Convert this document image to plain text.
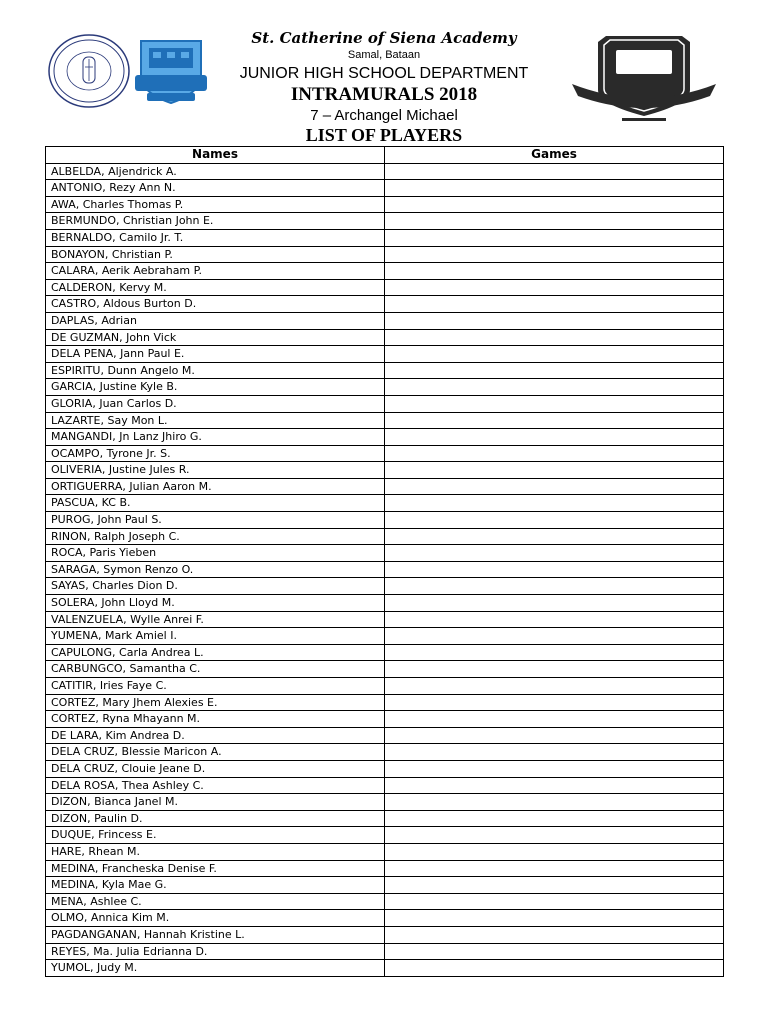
St. Catherine of Siena Academy
Samal, Bataan
JUNIOR HIGH SCHOOL DEPARTMENT
INTRAMURALS 2018
7 – Archangel Michael
LIST OF PLAYERS
Names	Games
ALBELDA, Aljendrick A.	
ANTONIO, Rezy Ann N.	
AWA, Charles Thomas P.	
BERMUNDO, Christian John E.	
BERNALDO, Camilo Jr. T.	
BONAYON, Christian P.	
CALARA, Aerik Aebraham P.	
CALDERON, Kervy M.	
CASTRO, Aldous Burton D.	
DAPLAS, Adrian	
DE GUZMAN, John Vick	
DELA PENA, Jann Paul E.	
ESPIRITU, Dunn Angelo M.	
GARCIA, Justine Kyle B.	
GLORIA, Juan Carlos D.	
LAZARTE, Say Mon L.	
MANGANDI, Jn Lanz Jhiro G.	
OCAMPO, Tyrone Jr. S.	
OLIVERIA, Justine Jules R.	
ORTIGUERRA, Julian Aaron M.	
PASCUA, KC B.	
PUROG, John Paul S.	
RINON, Ralph Joseph C.	
ROCA, Paris Yieben	
SARAGA, Symon Renzo O.	
SAYAS, Charles Dion D.	
SOLERA, John Lloyd M.	
VALENZUELA, Wylle Anrei F.	
YUMENA, Mark Amiel I.	
CAPULONG, Carla Andrea L.	
CARBUNGCO, Samantha C.	
CATITIR, Iries Faye C.	
CORTEZ, Mary Jhem Alexies E.	
CORTEZ, Ryna Mhayann M.	
DE LARA, Kim Andrea D.	
DELA CRUZ, Blessie Maricon A.	
DELA CRUZ, Clouie Jeane D.	
DELA ROSA, Thea Ashley C.	
DIZON, Bianca Janel M.	
DIZON, Paulin D.	
DUQUE, Frincess E.	
HARE, Rhean M.	
MEDINA, Francheska Denise F.	
MEDINA, Kyla Mae G.	
MENA, Ashlee C.	
OLMO, Annica Kim M.	
PAGDANGANAN, Hannah Kristine L.	
REYES, Ma. Julia Edrianna D.	
YUMOL, Judy M.	
